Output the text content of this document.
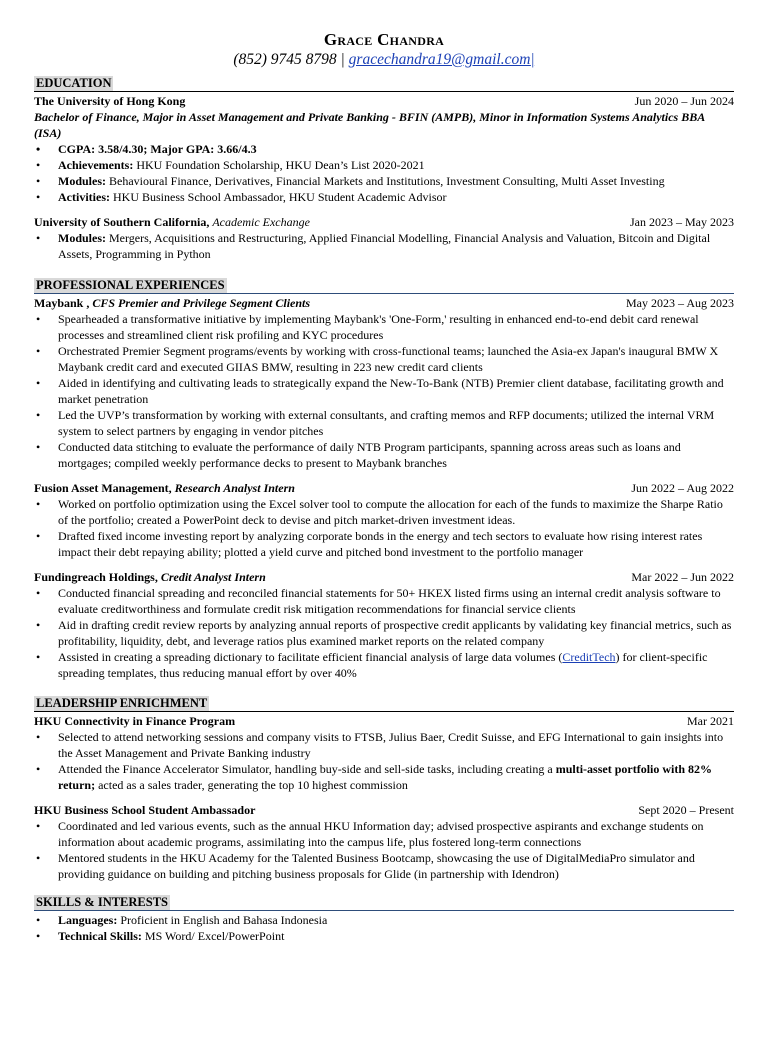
Grace Chandra
(852) 9745 8798 | gracechandra19@gmail.com|
EDUCATION
The University of Hong Kong	Jun 2020 – Jun 2024
Bachelor of Finance, Major in Asset Management and Private Banking - BFIN (AMPB), Minor in Information Systems Analytics BBA (ISA)
• CGPA: 3.58/4.30; Major GPA: 3.66/4.3
• Achievements: HKU Foundation Scholarship, HKU Dean’s List 2020-2021
• Modules: Behavioural Finance, Derivatives, Financial Markets and Institutions, Investment Consulting, Multi Asset Investing
• Activities: HKU Business School Ambassador, HKU Student Academic Advisor
University of Southern California, Academic Exchange	Jan 2023 – May 2023
• Modules: Mergers, Acquisitions and Restructuring, Applied Financial Modelling, Financial Analysis and Valuation, Bitcoin and Digital Assets, Programming in Python
PROFESSIONAL EXPERIENCES
Maybank , CFS Premier and Privilege Segment Clients	May 2023 – Aug 2023
• Spearheaded a transformative initiative by implementing Maybank's 'One-Form,' resulting in enhanced end-to-end debit card renewal processes and streamlined client risk profiling and KYC procedures
• Orchestrated Premier Segment programs/events by working with cross-functional teams; launched the Asia-ex Japan's inaugural BMW X Maybank credit card and executed GIIAS BMW, resulting in 223 new credit card clients
• Aided in identifying and cultivating leads to strategically expand the New-To-Bank (NTB) Premier client database, facilitating growth and market penetration
• Led the UVP’s transformation by working with external consultants, and crafting memos and RFP documents; utilized the internal VRM system to select partners by engaging in vendor pitches
• Conducted data stitching to evaluate the performance of daily NTB Program participants, spanning across areas such as loans and mortgages; compiled weekly performance decks to present to Maybank branches
Fusion Asset Management, Research Analyst Intern	Jun 2022 – Aug 2022
• Worked on portfolio optimization using the Excel solver tool to compute the allocation for each of the funds to maximize the Sharpe Ratio of the portfolio; created a PowerPoint deck to devise and pitch market-driven investment ideas.
• Drafted fixed income investing report by analyzing corporate bonds in the energy and tech sectors to evaluate how rising interest rates impact their debt repaying ability; plotted a yield curve and pitched bond investment to the portfolio manager
Fundingreach Holdings, Credit Analyst Intern	Mar 2022 – Jun 2022
• Conducted financial spreading and reconciled financial statements for 50+ HKEX listed firms using an internal credit analysis software to evaluate creditworthiness and formulate credit risk mitigation recommendations for financial service clients
• Aid in drafting credit review reports by analyzing annual reports of prospective credit applicants by validating key financial metrics, such as profitability, liquidity, debt, and leverage ratios plus examined market reports on the related company
• Assisted in creating a spreading dictionary to facilitate efficient financial analysis of large data volumes (CreditTech) for client-specific spreading templates, thus reducing manual effort by over 40%
LEADERSHIP ENRICHMENT
HKU Connectivity in Finance Program	Mar 2021
• Selected to attend networking sessions and company visits to FTSB, Julius Baer, Credit Suisse, and EFG International to gain insights into the Asset Management and Private Banking industry
• Attended the Finance Accelerator Simulator, handling buy-side and sell-side tasks, including creating a multi-asset portfolio with 82% return; acted as a sales trader, generating the top 10 highest commission
HKU Business School Student Ambassador	Sept 2020 – Present
• Coordinated and led various events, such as the annual HKU Information day; advised prospective aspirants and exchange students on information about academic programs, assimilating into the campus life, plus fostered long-term connections
• Mentored students in the HKU Academy for the Talented Business Bootcamp, showcasing the use of DigitalMediaPro simulator and providing guidance on building and pitching business proposals for Glide (in partnership with Idendron)
SKILLS & INTERESTS
• Languages: Proficient in English and Bahasa Indonesia
• Technical Skills: MS Word/ Excel/PowerPoint
